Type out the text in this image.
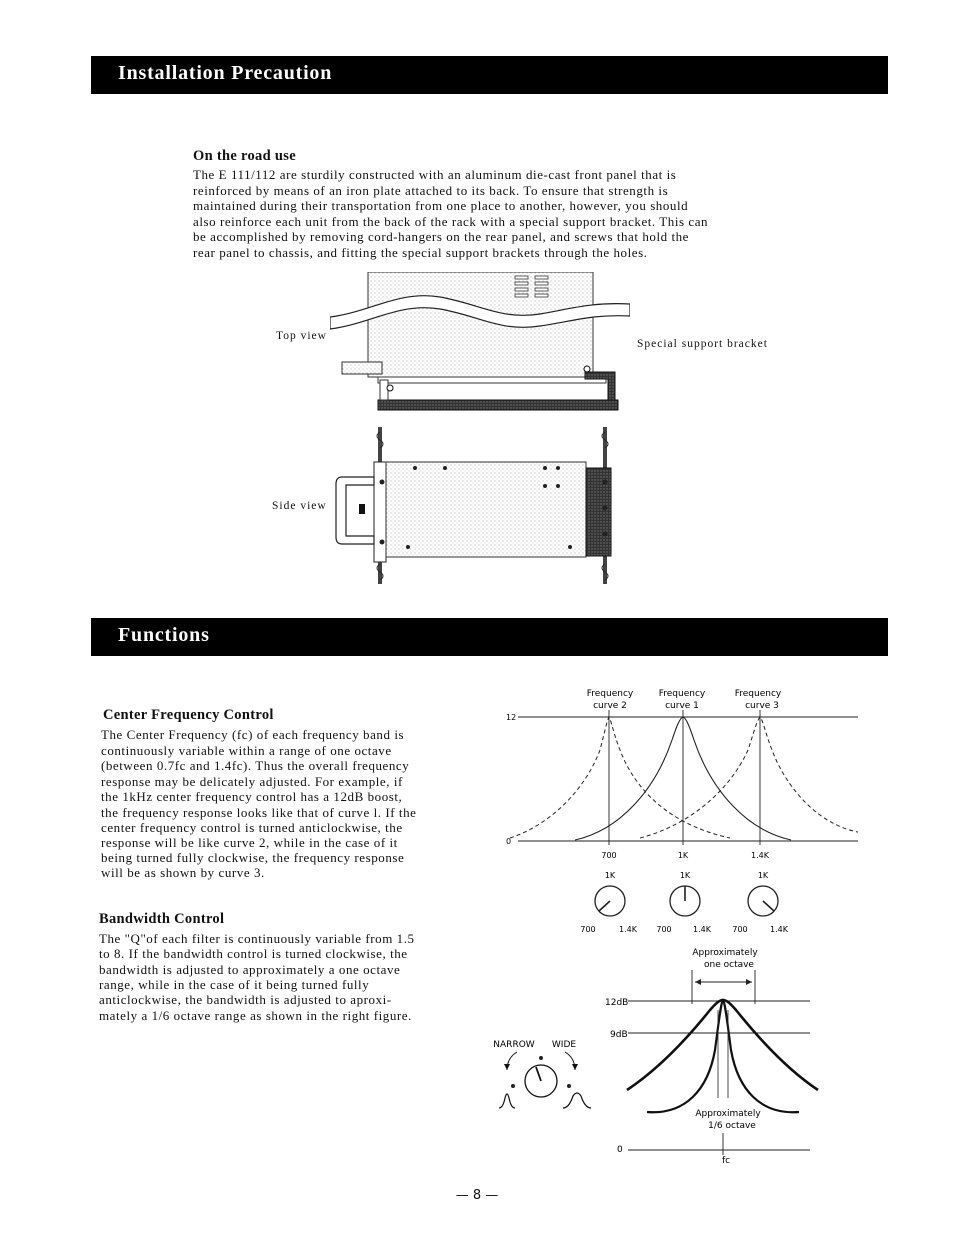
Installation Precaution
On the road use
The E 111/112 are sturdily constructed with an aluminum die-cast front panel that is
reinforced by means of an iron plate attached to its back. To ensure that strength is
maintained during their transportation from one place to another, however, you should
also reinforce each unit from the back of the rack with a special support bracket. This can
be accomplished by removing cord-hangers on the rear panel, and screws that hold the
rear panel to chassis, and fitting the special support brackets through the holes.
Top view
Side view
Special support bracket
Functions
Center Frequency Control
The Center Frequency (fc) of each frequency band is
continuously variable within a range of one octave
(between 0.7fc and 1.4fc). Thus the overall frequency
response may be delicately adjusted. For example, if
the 1kHz center frequency control has a 12dB boost,
the frequency response looks like that of curve l. If the
center frequency control is turned anticlockwise, the
response will be like curve 2, while in the case of it
being turned fully clockwise, the frequency response
will be as shown by curve 3.
Bandwidth Control
The "Q"of each filter is continuously variable from 1.5
to 8. If the bandwidth control is turned clockwise, the
bandwidth is adjusted to approximately a one octave
range, while in the case of it being turned fully
anticlockwise, the bandwidth is adjusted to aproxi-
mately a 1/6 octave range as shown in the right figure.
Frequency
curve 2
Frequency
curve 1
Frequency
curve 3
12
0
700	1K	1.4K
1K
700	1.4K
1K
700	1.4K
1K
700	1.4K
Approximately
one octave
12dB
9dB
0
fc
Approximately
1/6 octave
NARROW WIDE
— 8 —
